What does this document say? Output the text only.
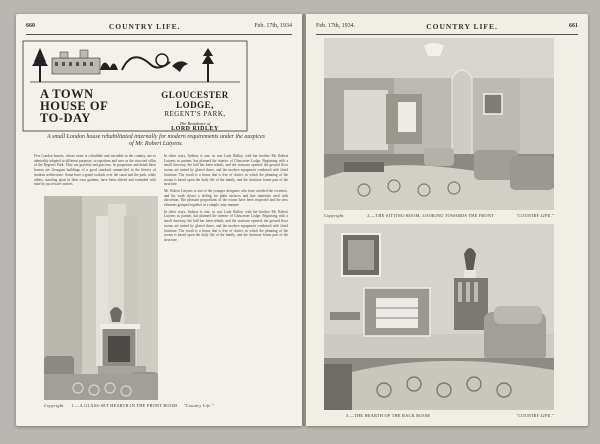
660	COUNTRY LIFE.	Feb. 17th, 1934
A TOWN
HOUSE OF
TO-DAY
GLOUCESTER LODGE,
REGENT'S PARK,
The Residence of
LORD RIDLEY
A small London house rehabilitated internally for modern requirements under the auspices of Mr. Robert Lutyens.

Few London houses, whose stone is calculable and traceable in the country, are so admirably adapted to different purposes, occupations and uses as the stuccoed villas of the Regent's Park. They are graceful and gracious. In proportion and detail these houses are Georgian buildings of a good standard, unmatched in the history of modern architecture. Some have a grand outlook over the canal and the park, while others, standing apart in their own gardens, have been altered and extended with taste by successive owners.

In other ways, Sydney is one, so was Lady Ridley, with her brother Mr. Robert Lutyens as partner, has planned the interior of Gloucester Lodge. Beginning with a small doorway, the hall has been rebuilt, and the staircase opened; the ground floor rooms are united by glazed doors, and the modern equipment combined with fitted furniture. The result is a house that is free of clutter, in which the planning of the rooms is based upon the daily life of the family, and the furniture forms part of the structure.

Mr. Robert Lutyens is one of the younger designers who have avoided the eccentric, and his work shows a feeling for plain surfaces and fine materials used with discretion. The pleasant proportions of the rooms have been respected and the new elements grouped together in a simple, easy manner.

In other ways, Sydney is one, so was Lady Ridley, with her brother Mr. Robert Lutyens as partner, has planned the interior of Gloucester Lodge. Beginning with a small doorway, the hall has been rebuilt, and the staircase opened; the ground floor rooms are united by glazed doors, and the modern equipment combined with fitted furniture. The result is a house that is free of clutter, in which the planning of the rooms is based upon the daily life of the family, and the furniture forms part of the structure.

Copyright. 1.—A GLASS-SET HEARTH IN THE FRONT ROOM "Country Life."
Feb. 17th, 1934.	COUNTRY LIFE.	661
Copyright.	2.—THE SITTING-ROOM, LOOKING TOWARDS THE FRONT	"COUNTRY LIFE."
3.—THE HEARTH OF THE BACK ROOM	"COUNTRY LIFE."
